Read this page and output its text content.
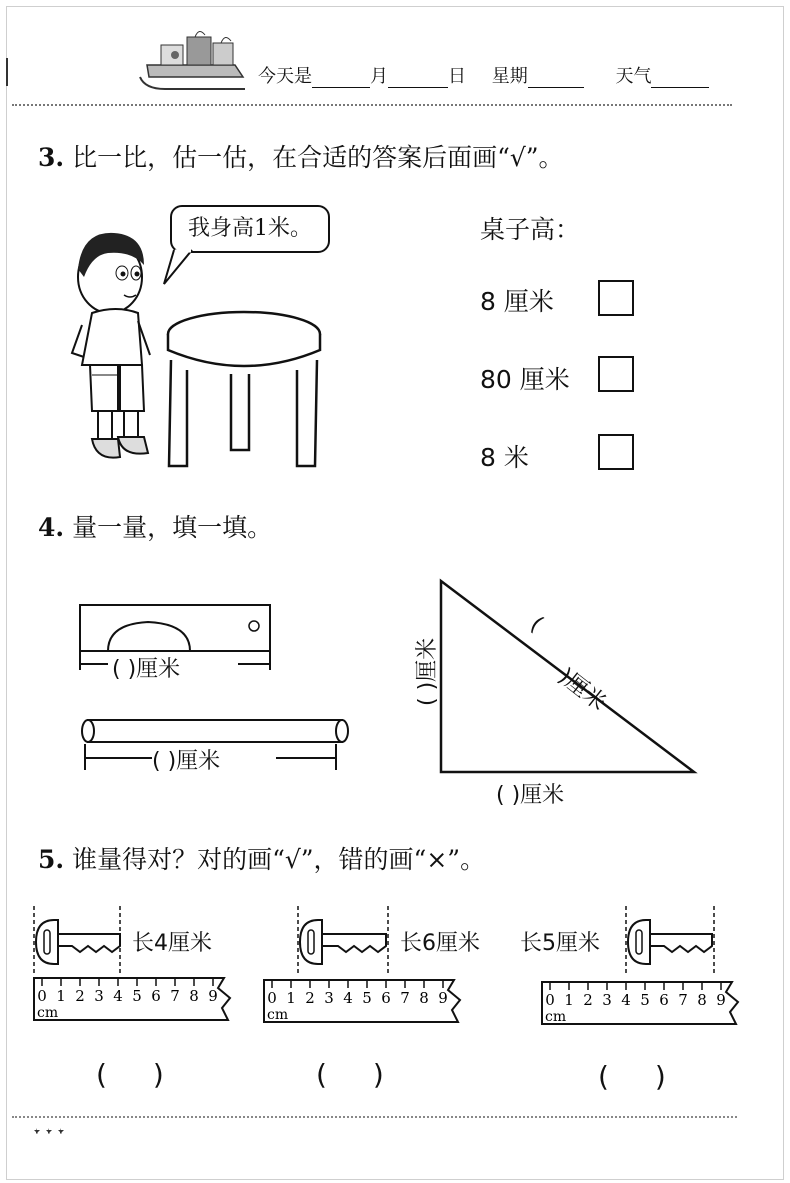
今天是	月	日 星期	天气
3. 比一比，估一估，在合适的答案后面画“√”。
我身高1米。	桌子高：
8 厘米
80 厘米
8 米
4. 量一量，填一填。
( )厘米
( )厘米
( )厘米
(
)厘米
( )厘米
5. 谁量得对？对的画“√”，错的画“×”。
长4厘米
0 1 2 3 4 5 6 7 8 9
cm
()
长6厘米
0 1 2 3 4 5 6 7 8 9
cm
()
长5厘米
0 1 2 3 4 5 6 7 8 9
cm
()
